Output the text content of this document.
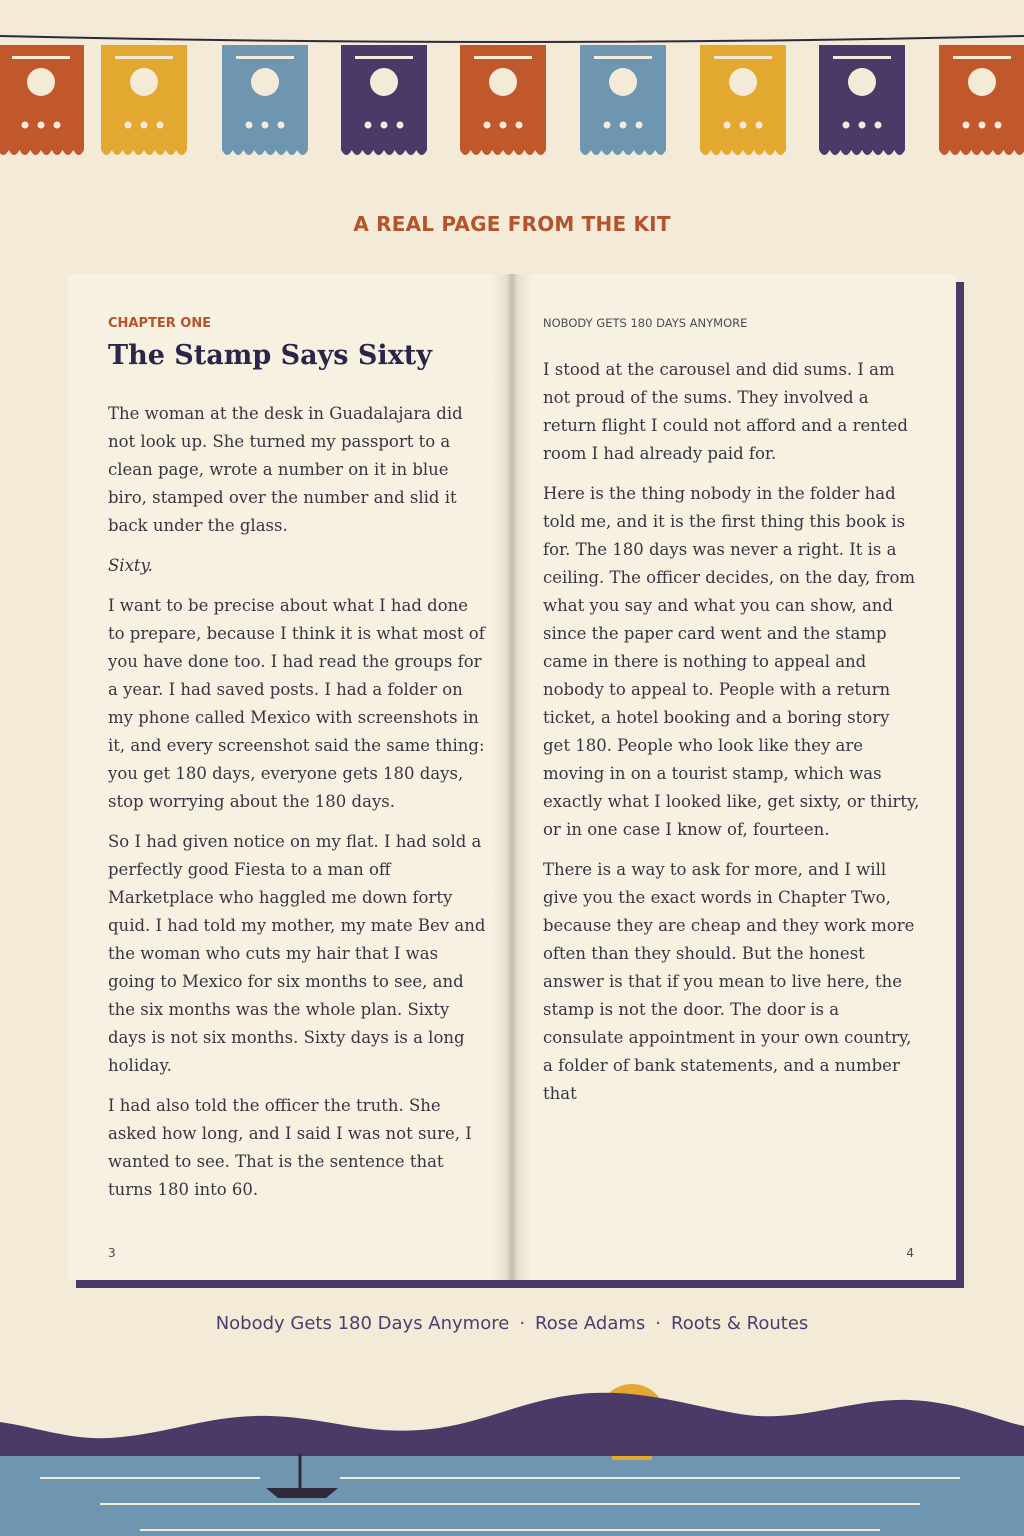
A REAL PAGE FROM THE KIT
CHAPTER ONE
The Stamp Says Sixty

The woman at the desk in Guadalajara did not look up. She turned my passport to a clean page, wrote a number on it in blue biro, stamped over the number and slid it back under the glass.

Sixty.

I want to be precise about what I had done to prepare, because I think it is what most of you have done too. I had read the groups for a year. I had saved posts. I had a folder on my phone called Mexico with screenshots in it, and every screenshot said the same thing: you get 180 days, everyone gets 180 days, stop worrying about the 180 days.

So I had given notice on my flat. I had sold a perfectly good Fiesta to a man off Marketplace who haggled me down forty quid. I had told my mother, my mate Bev and the woman who cuts my hair that I was going to Mexico for six months to see, and the six months was the whole plan. Sixty days is not six months. Sixty days is a long holiday.

I had also told the officer the truth. She asked how long, and I said I was not sure, I wanted to see. That is the sentence that turns 180 into 60.

3
NOBODY GETS 180 DAYS ANYMORE

I stood at the carousel and did sums. I am not proud of the sums. They involved a return flight I could not afford and a rented room I had already paid for.

Here is the thing nobody in the folder had told me, and it is the first thing this book is for. The 180 days was never a right. It is a ceiling. The officer decides, on the day, from what you say and what you can show, and since the paper card went and the stamp came in there is nothing to appeal and nobody to appeal to. People with a return ticket, a hotel booking and a boring story get 180. People who look like they are moving in on a tourist stamp, which was exactly what I looked like, get sixty, or thirty, or in one case I know of, fourteen.

There is a way to ask for more, and I will give you the exact words in Chapter Two, because they are cheap and they work more often than they should. But the honest answer is that if you mean to live here, the stamp is not the door. The door is a consulate appointment in your own country, a folder of bank statements, and a number that

4
Nobody Gets 180 Days Anymore · Rose Adams · Roots & Routes
